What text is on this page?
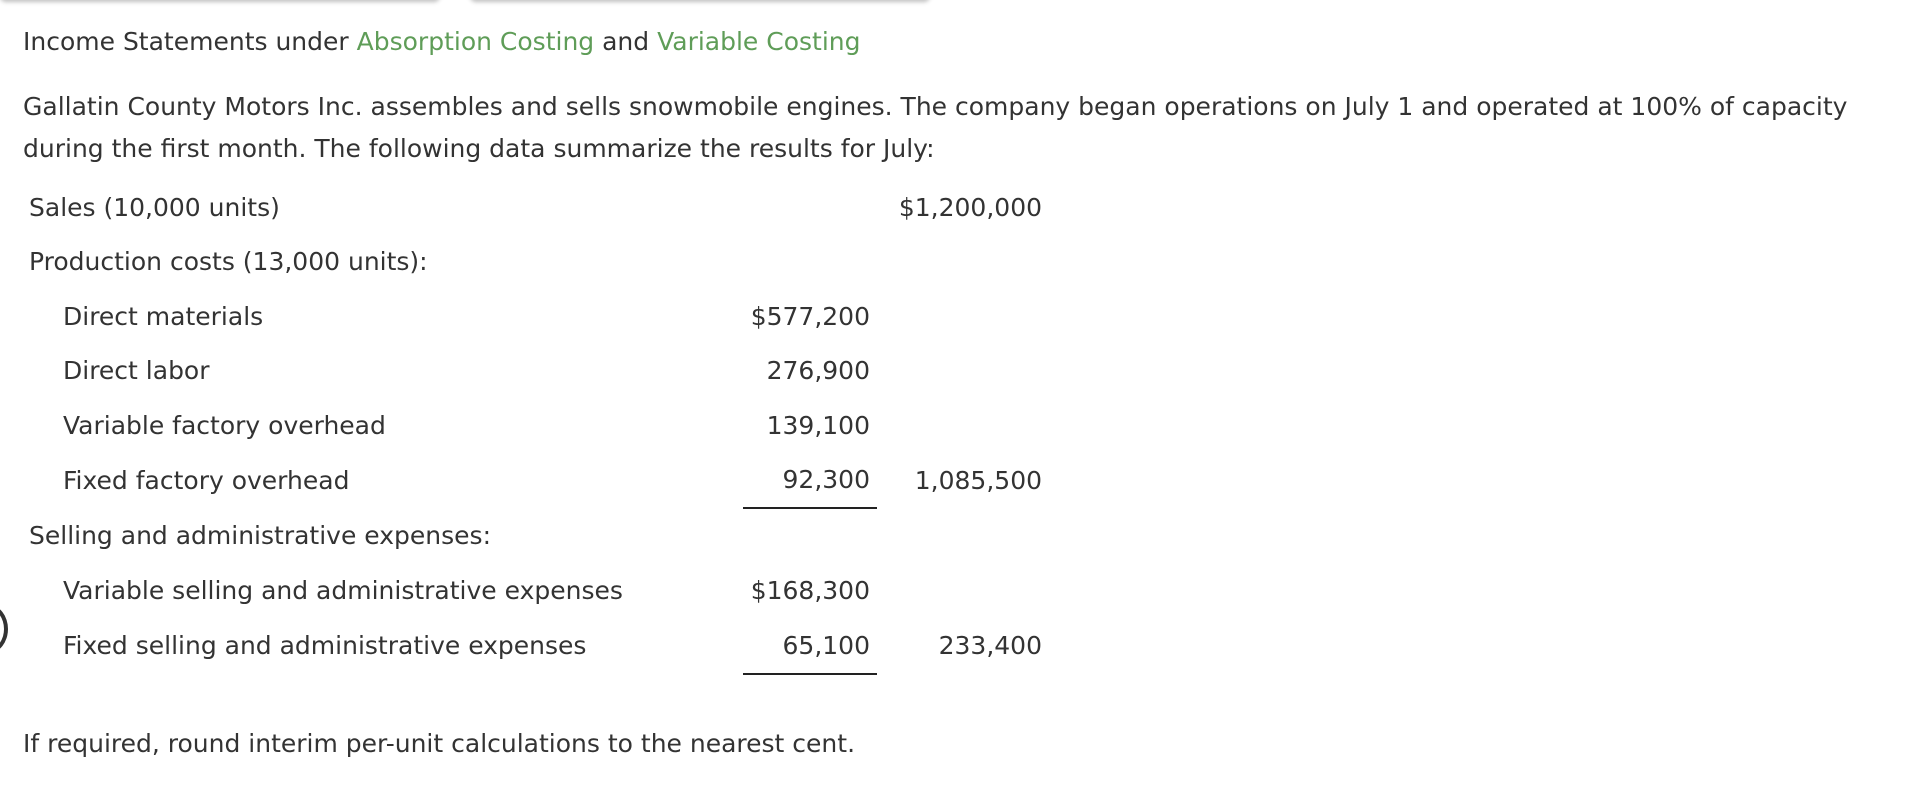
Income Statements under Absorption Costing and Variable Costing

Gallatin County Motors Inc. assembles and sells snowmobile engines. The company began operations on July 1 and operated at 100% of capacity during the first month. The following data summarize the results for July:

Sales (10,000 units)		$1,200,000
Production costs (13,000 units):		
Direct materials	$577,200	
Direct labor	276,900	
Variable factory overhead	139,100	
Fixed factory overhead	92,300	1,085,500
Selling and administrative expenses:		
Variable selling and administrative expenses	$168,300	
Fixed selling and administrative expenses	65,100	233,400

If required, round interim per-unit calculations to the nearest cent.
